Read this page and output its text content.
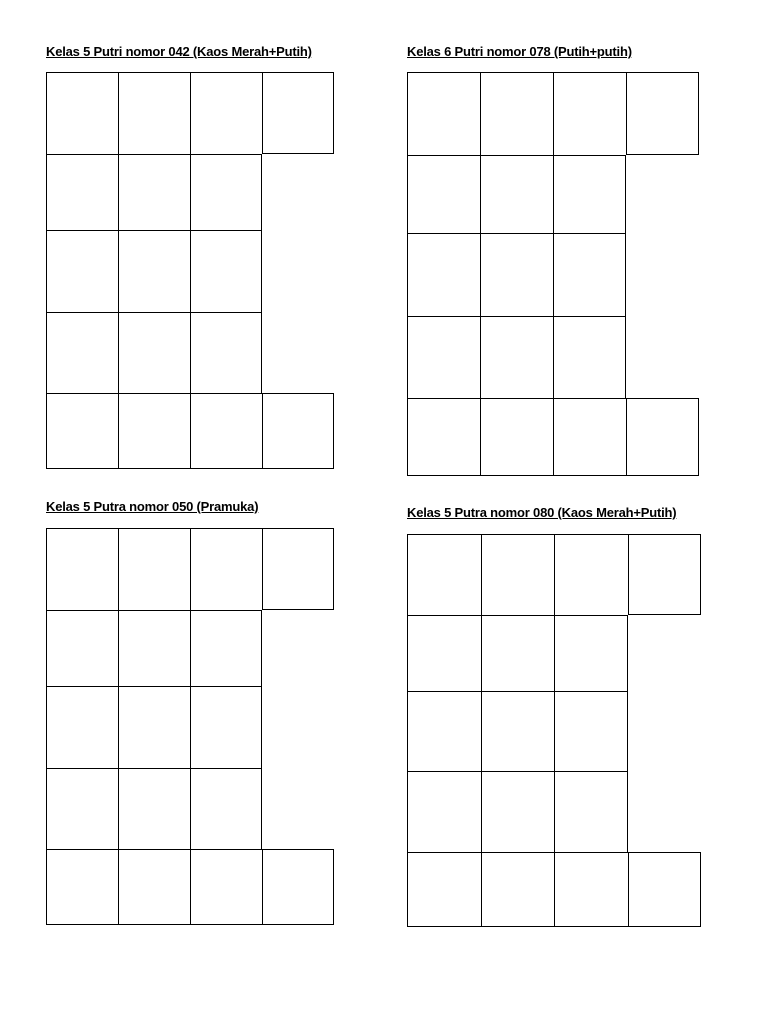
Kelas 5 Putri nomor 042 (Kaos Merah+Putih)	Kelas 6 Putri nomor 078 (Putih+putih)
Kelas 5 Putra nomor 050 (Pramuka)	Kelas 5 Putra nomor 080 (Kaos Merah+Putih)
